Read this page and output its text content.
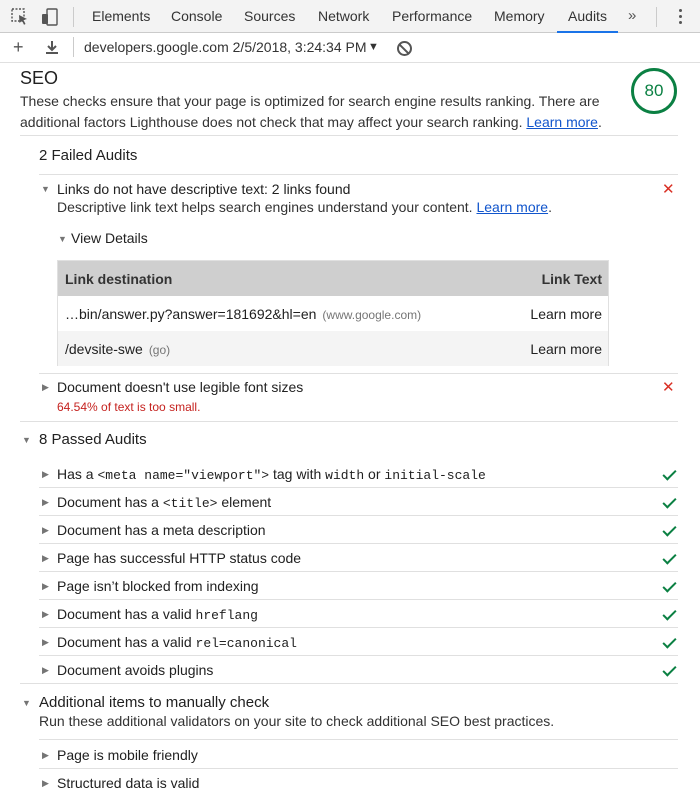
Elements Console Sources Network Performance Memory	Audits	»
+	developers.google.com 2/5/2018, 3:24:34 PM ▼
SEO
These checks ensure that your page is optimized for search engine results ranking. There are additional factors Lighthouse does not check that may affect your search ranking. Learn more.
80
2 Failed Audits
▼ Links do not have descriptive text: 2 links found	✕
Descriptive link text helps search engines understand your content. Learn more.
▼ View Details
Link destination	Link Text
…bin/answer.py?answer=181692&hl=en (www.google.com)	Learn more
/devsite-swe (go)	Learn more
▶ Document doesn't use legible font sizes	✕
64.54% of text is too small.
▼ 8 Passed Audits
▶ Has a <meta name="viewport"> tag with width or initial-scale
▶ Document has a <title> element
▶ Document has a meta description
▶ Page has successful HTTP status code
▶ Page isn’t blocked from indexing
▶ Document has a valid hreflang
▶ Document has a valid rel=canonical
▶ Document avoids plugins
▼ Additional items to manually check
Run these additional validators on your site to check additional SEO best practices.
▶ Page is mobile friendly
▶ Structured data is valid
